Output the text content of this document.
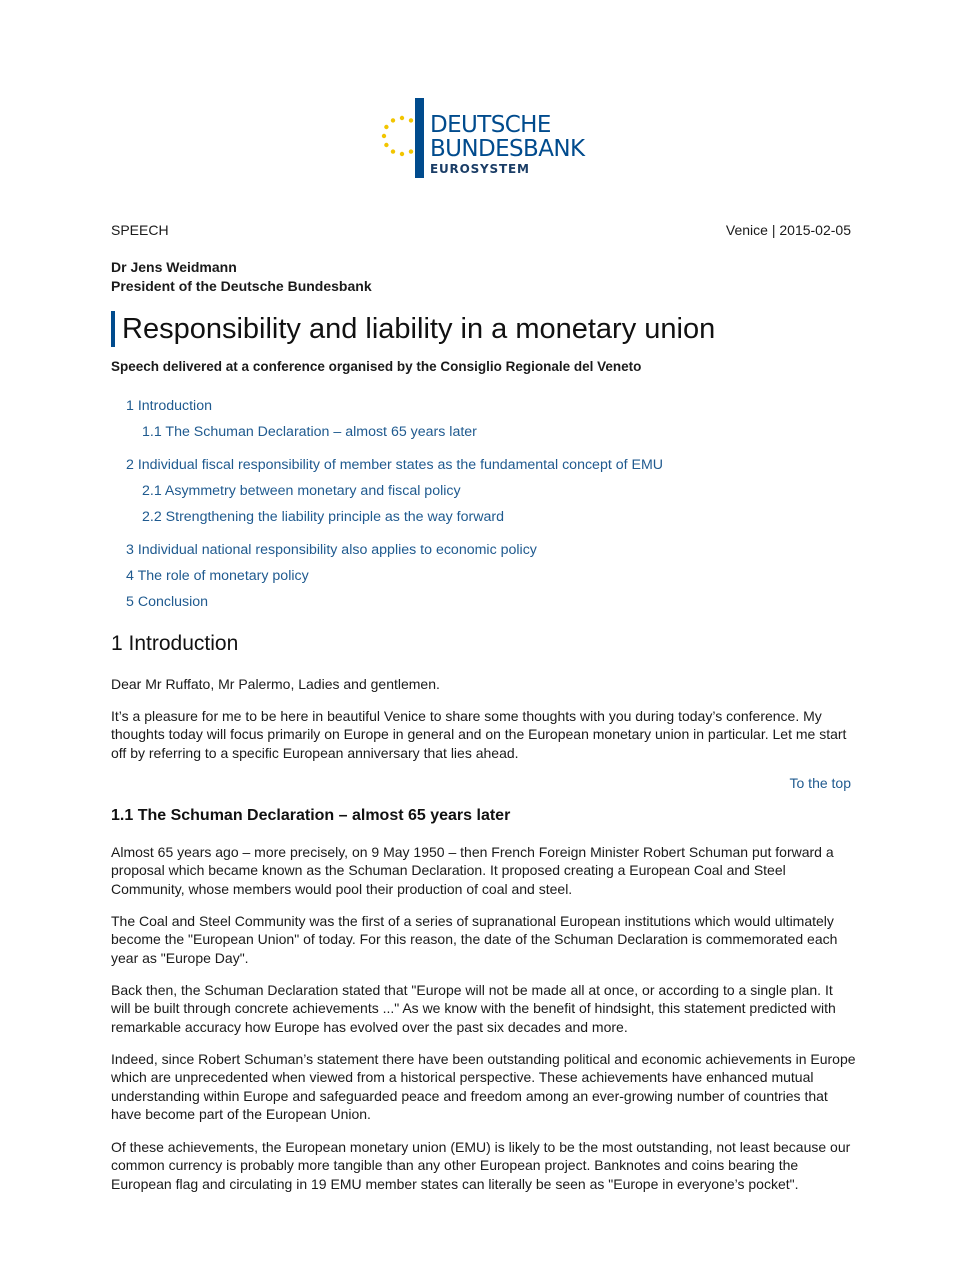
DEUTSCHE
BUNDESBANK
EUROSYSTEM
SPEECH	Venice | 2015-02-05
Dr Jens Weidmann
President of the Deutsche Bundesbank
Responsibility and liability in a monetary union
Speech delivered at a conference organised by the Consiglio Regionale del Veneto
1 Introduction
1.1 The Schuman Declaration – almost 65 years later
2 Individual fiscal responsibility of member states as the fundamental concept of EMU
2.1 Asymmetry between monetary and fiscal policy
2.2 Strengthening the liability principle as the way forward
3 Individual national responsibility also applies to economic policy
4 The role of monetary policy
5 Conclusion
1 Introduction

Dear Mr Ruffato, Mr Palermo, Ladies and gentlemen.

It’s a pleasure for me to be here in beautiful Venice to share some thoughts with you during today’s conference. My thoughts today will focus primarily on Europe in general and on the European monetary union in particular. Let me start off by referring to a specific European anniversary that lies ahead.

To the top
1.1 The Schuman Declaration – almost 65 years later

Almost 65 years ago – more precisely, on 9 May 1950 – then French Foreign Minister Robert Schuman put forward a proposal which became known as the Schuman Declaration. It proposed creating a European Coal and Steel Community, whose members would pool their production of coal and steel.

The Coal and Steel Community was the first of a series of supranational European institutions which would ultimately become the "European Union" of today. For this reason, the date of the Schuman Declaration is commemorated each year as "Europe Day".

Back then, the Schuman Declaration stated that "Europe will not be made all at once, or according to a single plan. It will be built through concrete achievements ..." As we know with the benefit of hindsight, this statement predicted with remarkable accuracy how Europe has evolved over the past six decades and more.

Indeed, since Robert Schuman’s statement there have been outstanding political and economic achievements in Europe which are unprecedented when viewed from a historical perspective. These achievements have enhanced mutual understanding within Europe and safeguarded peace and freedom among an ever-growing number of countries that have become part of the European Union.

Of these achievements, the European monetary union (EMU) is likely to be the most outstanding, not least because our common currency is probably more tangible than any other European project. Banknotes and coins bearing the European flag and circulating in 19 EMU member states can literally be seen as "Europe in everyone’s pocket".
